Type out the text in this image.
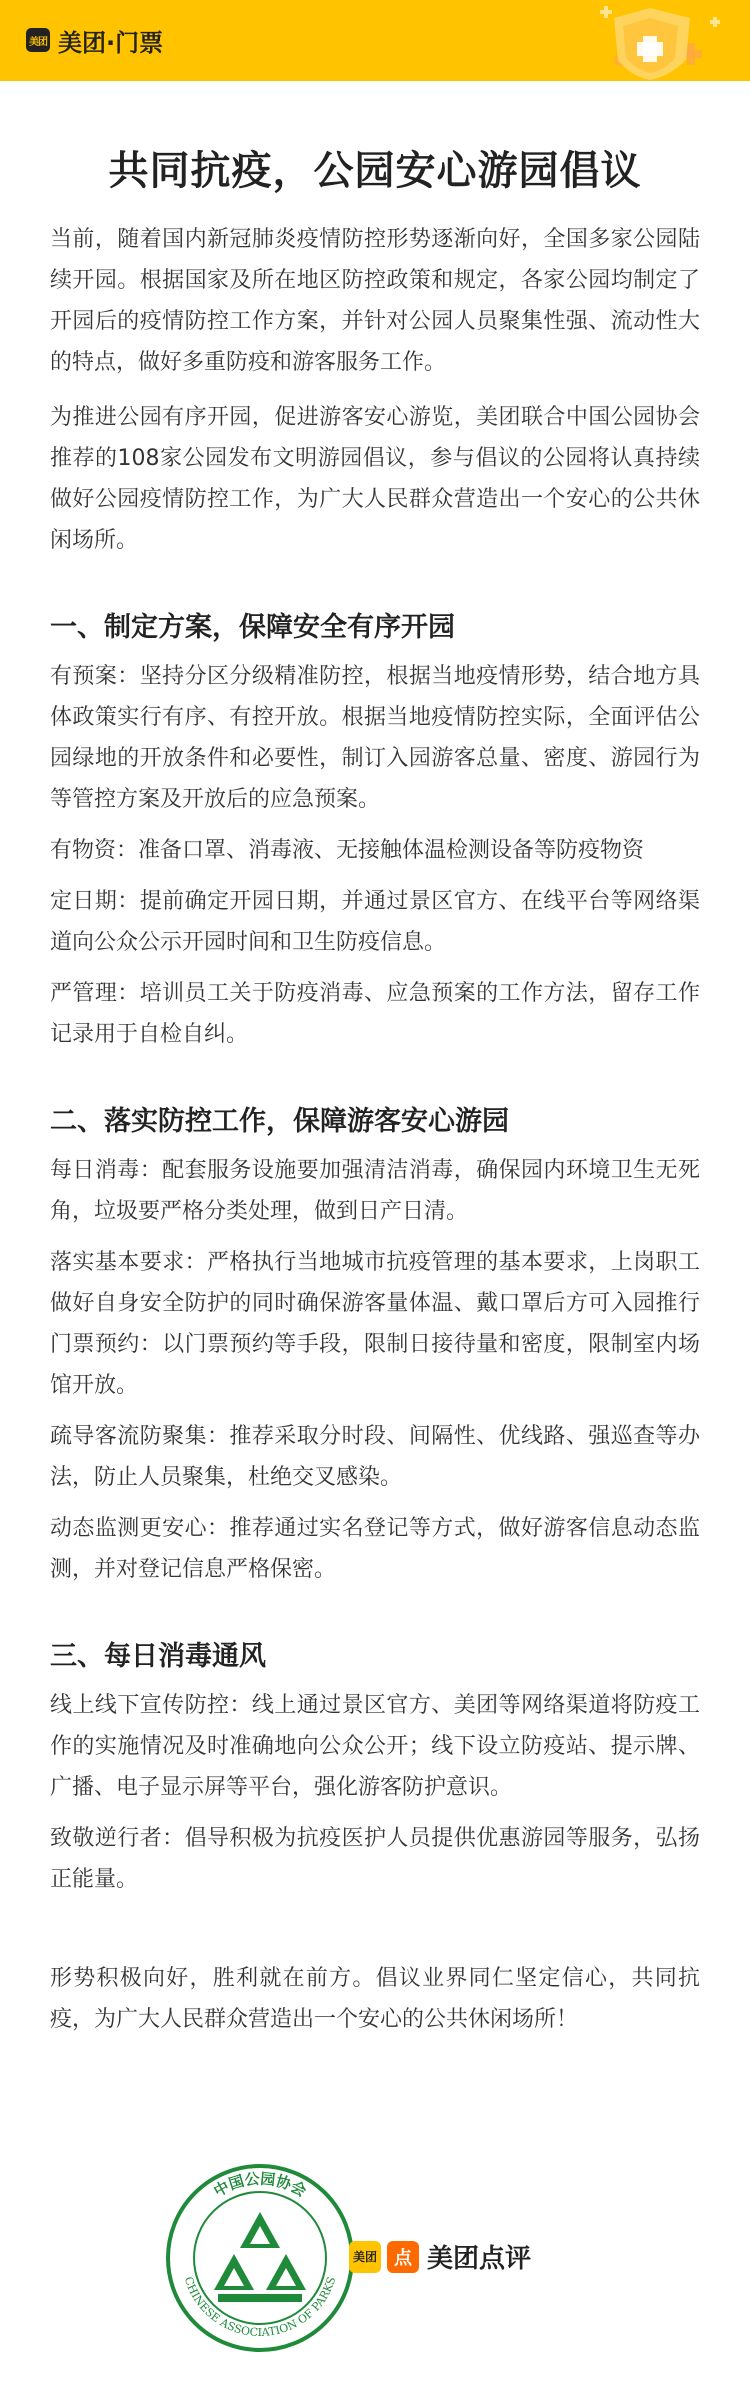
美团 美团·门票
共同抗疫，公园安心游园倡议

当前，随着国内新冠肺炎疫情防控形势逐渐向好，全国多家公园陆续开园。根据国家及所在地区防控政策和规定，各家公园均制定了开园后的疫情防控工作方案，并针对公园人员聚集性强、流动性大的特点，做好多重防疫和游客服务工作。

为推进公园有序开园，促进游客安心游览，美团联合中国公园协会推荐的108家公园发布文明游园倡议，参与倡议的公园将认真持续做好公园疫情防控工作，为广大人民群众营造出一个安心的公共休闲场所。

一、制定方案，保障安全有序开园

有预案：坚持分区分级精准防控，根据当地疫情形势，结合地方具体政策实行有序、有控开放。根据当地疫情防控实际，全面评估公园绿地的开放条件和必要性，制订入园游客总量、密度、游园行为等管控方案及开放后的应急预案。

有物资：准备口罩、消毒液、无接触体温检测设备等防疫物资

定日期：提前确定开园日期，并通过景区官方、在线平台等网络渠道向公众公示开园时间和卫生防疫信息。

严管理：培训员工关于防疫消毒、应急预案的工作方法，留存工作记录用于自检自纠。

二、落实防控工作，保障游客安心游园

每日消毒：配套服务设施要加强清洁消毒，确保园内环境卫生无死角，垃圾要严格分类处理，做到日产日清。

落实基本要求：严格执行当地城市抗疫管理的基本要求，上岗职工做好自身安全防护的同时确保游客量体温、戴口罩后方可入园推行门票预约：以门票预约等手段，限制日接待量和密度，限制室内场馆开放。

疏导客流防聚集：推荐采取分时段、间隔性、优线路、强巡查等办法，防止人员聚集，杜绝交叉感染。

动态监测更安心：推荐通过实名登记等方式，做好游客信息动态监测，并对登记信息严格保密。

三、每日消毒通风

线上线下宣传防控：线上通过景区官方、美团等网络渠道将防疫工作的实施情况及时准确地向公众公开；线下设立防疫站、提示牌、广播、电子显示屏等平台，强化游客防护意识。

致敬逆行者：倡导积极为抗疫医护人员提供优惠游园等服务，弘扬正能量。

形势积极向好，胜利就在前方。倡议业界同仁坚定信心，共同抗疫，为广大人民群众营造出一个安心的公共休闲场所！

中国公园协会
CHINESE ASSOCIATION OF PARKS
美团 点 美团点评
